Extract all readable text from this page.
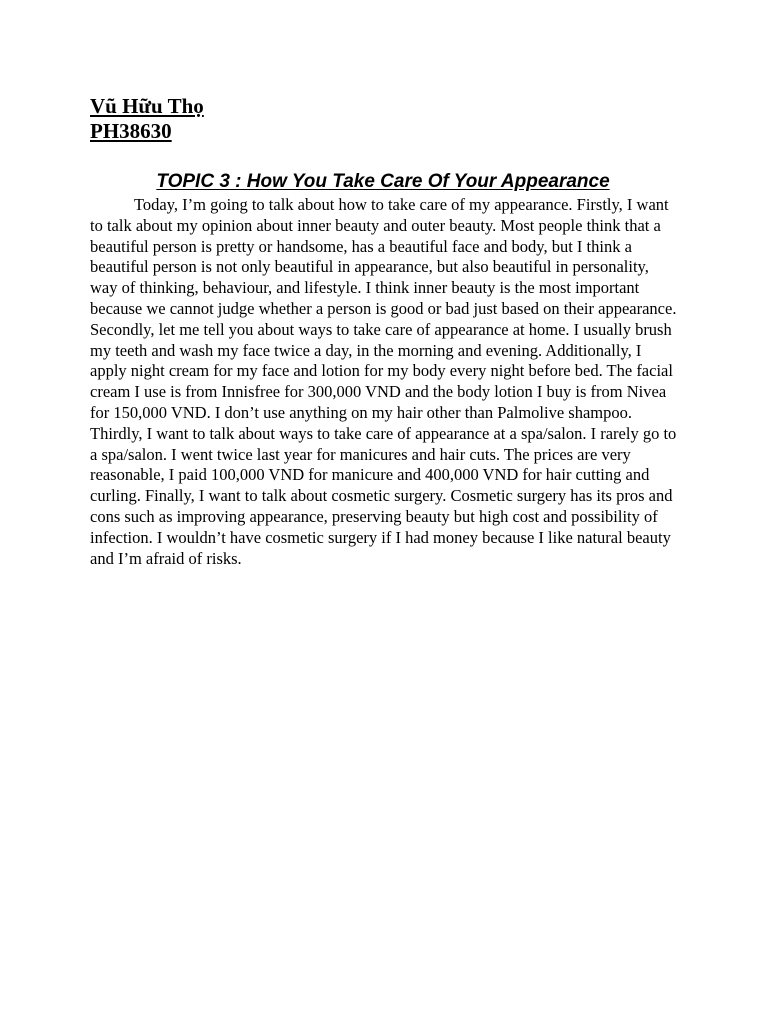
Vũ Hữu Thọ
PH38630
TOPIC 3 : How You Take Care Of Your Appearance

Today, I’m going to talk about how to take care of my appearance. Firstly, I want to talk about my opinion about inner beauty and outer beauty. Most people think that a beautiful person is pretty or handsome, has a beautiful face and body, but I think a beautiful person is not only beautiful in appearance, but also beautiful in personality, way of thinking, behaviour, and lifestyle. I think inner beauty is the most important because we cannot judge whether a person is good or bad just based on their appearance. Secondly, let me tell you about ways to take care of appearance at home. I usually brush my teeth and wash my face twice a day, in the morning and evening. Additionally, I apply night cream for my face and lotion for my body every night before bed. The facial cream I use is from Innisfree for 300,000 VND and the body lotion I buy is from Nivea for 150,000 VND. I don’t use anything on my hair other than Palmolive shampoo. Thirdly, I want to talk about ways to take care of appearance at a spa/salon. I rarely go to a spa/salon. I went twice last year for manicures and hair cuts. The prices are very reasonable, I paid 100,000 VND for manicure and 400,000 VND for hair cutting and curling. Finally, I want to talk about cosmetic surgery. Cosmetic surgery has its pros and cons such as improving appearance, preserving beauty but high cost and possibility of infection. I wouldn’t have cosmetic surgery if I had money because I like natural beauty and I’m afraid of risks.
